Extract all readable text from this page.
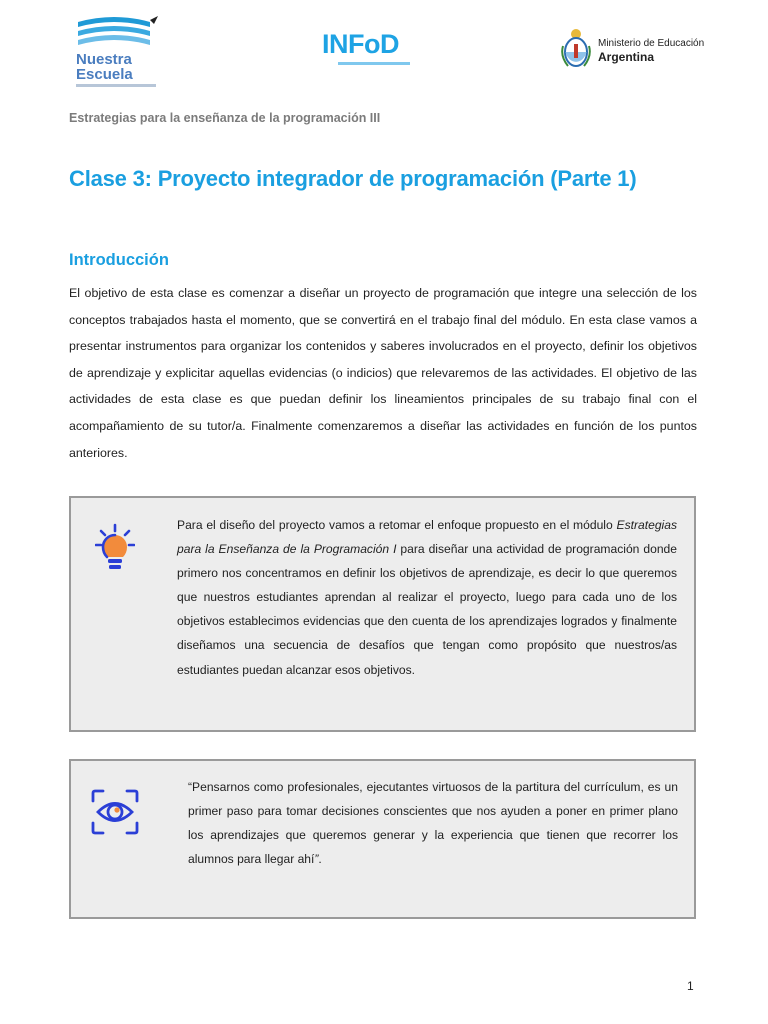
Nuestra
Escuela
INFoD	Ministerio de Educación
Argentina
Estrategias para la enseñanza de la programación III
Clase 3: Proyecto integrador de programación (Parte 1)
Introducción

El objetivo de esta clase es comenzar a diseñar un proyecto de programación que integre una selección de los conceptos trabajados hasta el momento, que se convertirá en el trabajo final del módulo. En esta clase vamos a presentar instrumentos para organizar los contenidos y saberes involucrados en el proyecto, definir los objetivos de aprendizaje y explicitar aquellas evidencias (o indicios) que relevaremos de las actividades. El objetivo de las actividades de esta clase es que puedan definir los lineamientos principales de su trabajo final con el acompañamiento de su tutor/a. Finalmente comenzaremos a diseñar las actividades en función de los puntos anteriores.

Para el diseño del proyecto vamos a retomar el enfoque propuesto en el módulo Estrategias para la Enseñanza de la Programación I para diseñar una actividad de programación donde primero nos concentramos en definir los objetivos de aprendizaje, es decir lo que queremos que nuestros estudiantes aprendan al realizar el proyecto, luego para cada uno de los objetivos establecimos evidencias que den cuenta de los aprendizajes logrados y finalmente diseñamos una secuencia de desafíos que tengan como propósito que nuestros/as estudiantes puedan alcanzar esos objetivos.

“Pensarnos como profesionales, ejecutantes virtuosos de la partitura del currículum, es un primer paso para tomar decisiones conscientes que nos ayuden a poner en primer plano los aprendizajes que queremos generar y la experiencia que tienen que recorrer los alumnos para llegar ahí”.

1
